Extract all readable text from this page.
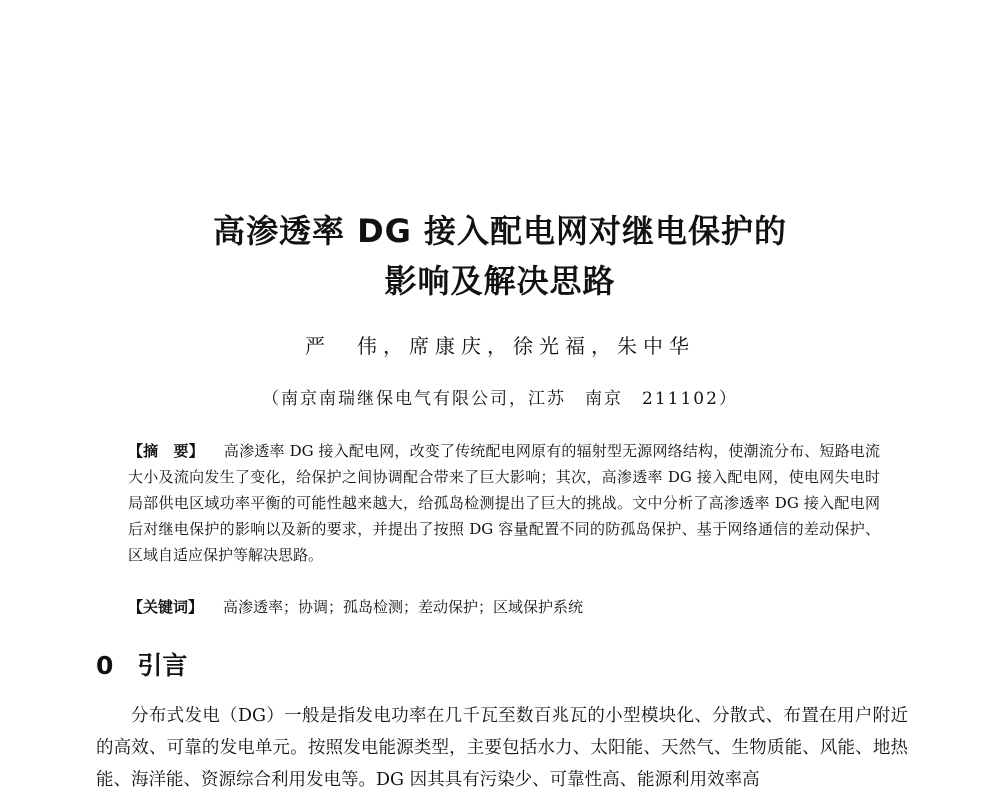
高渗透率 DG 接入配电网对继电保护的
影响及解决思路
严　伟，席康庆，徐光福，朱中华
（南京南瑞继保电气有限公司，江苏　南京　211102）

【摘　要】 高渗透率 DG 接入配电网，改变了传统配电网原有的辐射型无源网络结构，使潮流分布、短路电流大小及流向发生了变化，给保护之间协调配合带来了巨大影响；其次，高渗透率 DG 接入配电网，使电网失电时局部供电区域功率平衡的可能性越来越大，给孤岛检测提出了巨大的挑战。文中分析了高渗透率 DG 接入配电网后对继电保护的影响以及新的要求，并提出了按照 DG 容量配置不同的防孤岛保护、基于网络通信的差动保护、区域自适应保护等解决思路。

【关键词】 高渗透率；协调；孤岛检测；差动保护；区域保护系统
0 引言

分布式发电（DG）一般是指发电功率在几千瓦至数百兆瓦的小型模块化、分散式、布置在用户附近的高效、可靠的发电单元。按照发电能源类型，主要包括水力、太阳能、天然气、生物质能、风能、地热能、海洋能、资源综合利用发电等。DG 因其具有污染少、可靠性高、能源利用效率高
